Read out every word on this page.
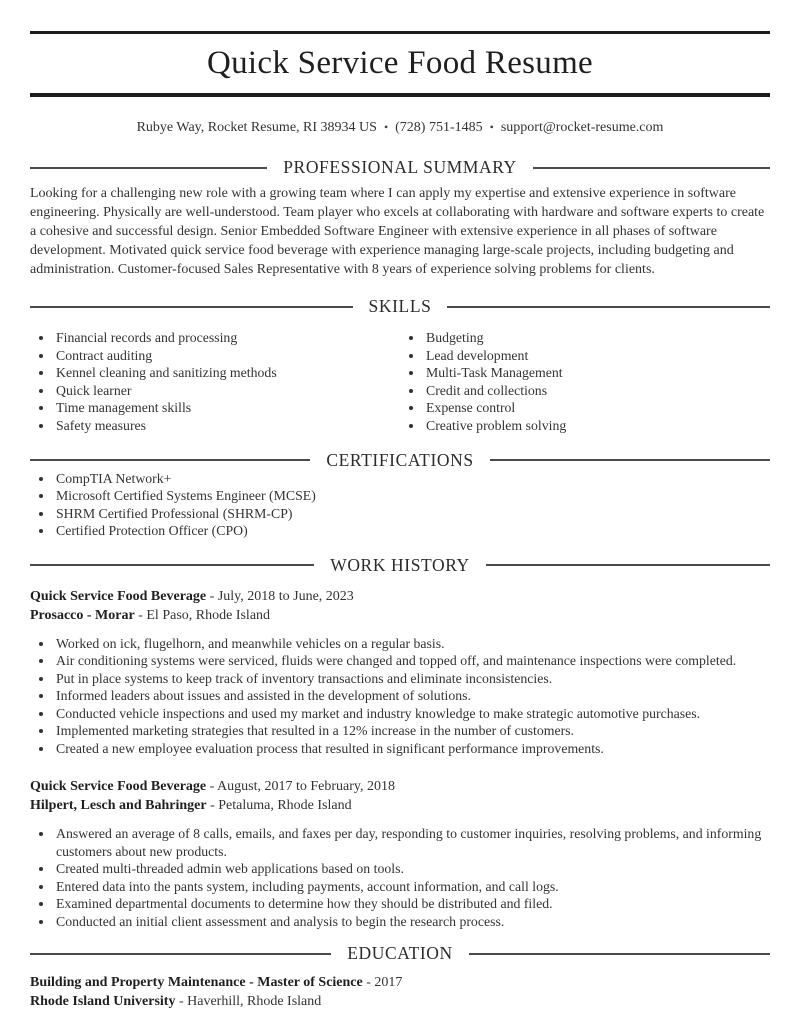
Quick Service Food Resume
Rubye Way, Rocket Resume, RI 38934 US • (728) 751-1485 • support@rocket-resume.com
PROFESSIONAL SUMMARY

Looking for a challenging new role with a growing team where I can apply my expertise and extensive experience in software engineering. Physically are well-understood. Team player who excels at collaborating with hardware and software experts to create a cohesive and successful design. Senior Embedded Software Engineer with extensive experience in all phases of software development. Motivated quick service food beverage with experience managing large-scale projects, including budgeting and administration. Customer-focused Sales Representative with 8 years of experience solving problems for clients.

SKILLS
• Financial records and processing
• Contract auditing
• Kennel cleaning and sanitizing methods
• Quick learner
• Time management skills
• Safety measures
• Budgeting
• Lead development
• Multi-Task Management
• Credit and collections
• Expense control
• Creative problem solving
CERTIFICATIONS
• CompTIA Network+
• Microsoft Certified Systems Engineer (MCSE)
• SHRM Certified Professional (SHRM-CP)
• Certified Protection Officer (CPO)
WORK HISTORY

Quick Service Food Beverage - July, 2018 to June, 2023

Prosacco - Morar - El Paso, Rhode Island

• Worked on ick, flugelhorn, and meanwhile vehicles on a regular basis.
• Air conditioning systems were serviced, fluids were changed and topped off, and maintenance inspections were completed.
• Put in place systems to keep track of inventory transactions and eliminate inconsistencies.
• Informed leaders about issues and assisted in the development of solutions.
• Conducted vehicle inspections and used my market and industry knowledge to make strategic automotive purchases.
• Implemented marketing strategies that resulted in a 12% increase in the number of customers.
• Created a new employee evaluation process that resulted in significant performance improvements.

Quick Service Food Beverage - August, 2017 to February, 2018

Hilpert, Lesch and Bahringer - Petaluma, Rhode Island

• Answered an average of 8 calls, emails, and faxes per day, responding to customer inquiries, resolving problems, and informing customers about new products.
• Created multi-threaded admin web applications based on tools.
• Entered data into the pants system, including payments, account information, and call logs.
• Examined departmental documents to determine how they should be distributed and filed.
• Conducted an initial client assessment and analysis to begin the research process.
EDUCATION

Building and Property Maintenance - Master of Science - 2017

Rhode Island University - Haverhill, Rhode Island
